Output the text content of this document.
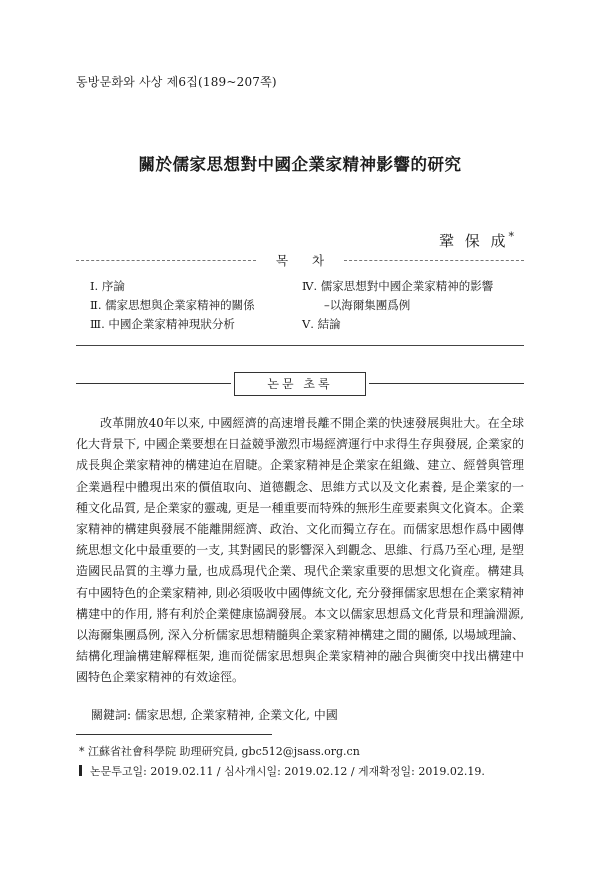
동방문화와 사상 제6집(189~207쪽)
關於儒家思想對中國企業家精神影響的研究
鞏 保 成*
목 차
Ⅰ. 序論
Ⅱ. 儒家思想與企業家精神的關係
Ⅲ. 中國企業家精神現狀分析
Ⅳ. 儒家思想對中國企業家精神的影響
–以海爾集團爲例
Ⅴ. 結論
논문 초록

改革開放40年以來, 中國經濟的高速增長離不開企業的快速發展與壯大。在全球化大背景下, 中國企業要想在日益競爭激烈市場經濟運行中求得生存與發展, 企業家的成長與企業家精神的構建迫在眉睫。企業家精神是企業家在組織、建立、經營與管理企業過程中體現出來的價值取向、道德觀念、思維方式以及文化素養, 是企業家的一種文化品質, 是企業家的靈魂, 更是一種重要而特殊的無形生産要素與文化資本。企業家精神的構建與發展不能離開經濟、政治、文化而獨立存在。而儒家思想作爲中國傳統思想文化中最重要的一支, 其對國民的影響深入到觀念、思維、行爲乃至心理, 是塑造國民品質的主導力量, 也成爲現代企業、現代企業家重要的思想文化資産。構建具有中國特色的企業家精神, 則必須吸收中國傳統文化, 充分發揮儒家思想在企業家精神構建中的作用, 將有利於企業健康協調發展。本文以儒家思想爲文化背景和理論淵源, 以海爾集團爲例, 深入分析儒家思想精髓與企業家精神構建之間的關係, 以場域理論、結構化理論構建解釋框架, 進而從儒家思想與企業家精神的融合與衝突中找出構建中國特色企業家精神的有效途徑。

關鍵詞: 儒家思想, 企業家精神, 企業文化, 中國
* 江蘇省社會科學院 助理研究員, gbc512@jsass.org.cn
논문투고일: 2019.02.11 / 심사개시일: 2019.02.12 / 게재확정일: 2019.02.19.
